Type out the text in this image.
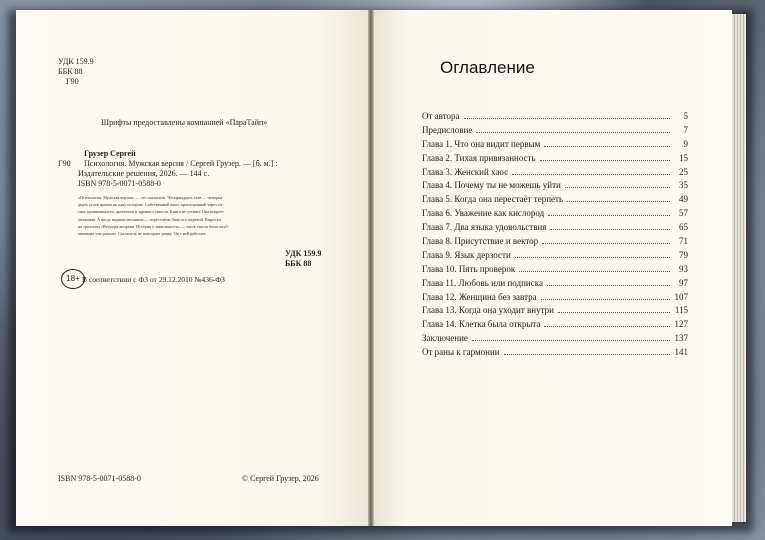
УДК 159.9
ББК 88
Г90
Шрифты предоставлены компанией «ПараТайп»
Грузер Сергей
Г90 Психология. Мужская версия / Сергей Грузер. — [б. м.] :
Издательские решения, 2026. — 144 с.
ISBN 978-5-0071-0588-0
«Психология. Мужская версия» — это скальпель. Четырнадцать глав — четырна-
дцать углов зрения на одну историю. Собственный опыт, пропущенный через оп-
тику привязанности, архетипов и здравого смысла. Книга не утешит. Она вскроет
механизм. А когда видишь механизм — перестаёшь быть его жертвой. Вырости
на трилогии «Ветущая вопреки. История о зависимости» — часть текста была опуб-
ликована там раньше. Скальпель не повторяет ранку. Он с ней работает.
УДК 159.9
ББК 88
18+ В соответствии с ФЗ от 29.12.2010 №436-ФЗ
ISBN 978-5-0071-0588-0	© Сергей Грузер, 2026
Оглавление
От автора	5
Предисловие	7
Глава 1. Что она видит первым	9
Глава 2. Тихая привязанность	15
Глава 3. Женский хаос	25
Глава 4. Почему ты не можешь уйти	35
Глава 5. Когда она перестаёт терпеть	49
Глава 6. Уважение как кислород	57
Глава 7. Два языка удовольствия	65
Глава 8. Присутствие и вектор	71
Глава 9. Язык дерзости	79
Глава 10. Пять проверок	93
Глава 11. Любовь или подписка	97
Глава 12. Женщина без завтра	107
Глава 13. Когда она уходит внутри	115
Глава 14. Клетка была открыта	127
Заключение	137
От раны к гармонии	141
